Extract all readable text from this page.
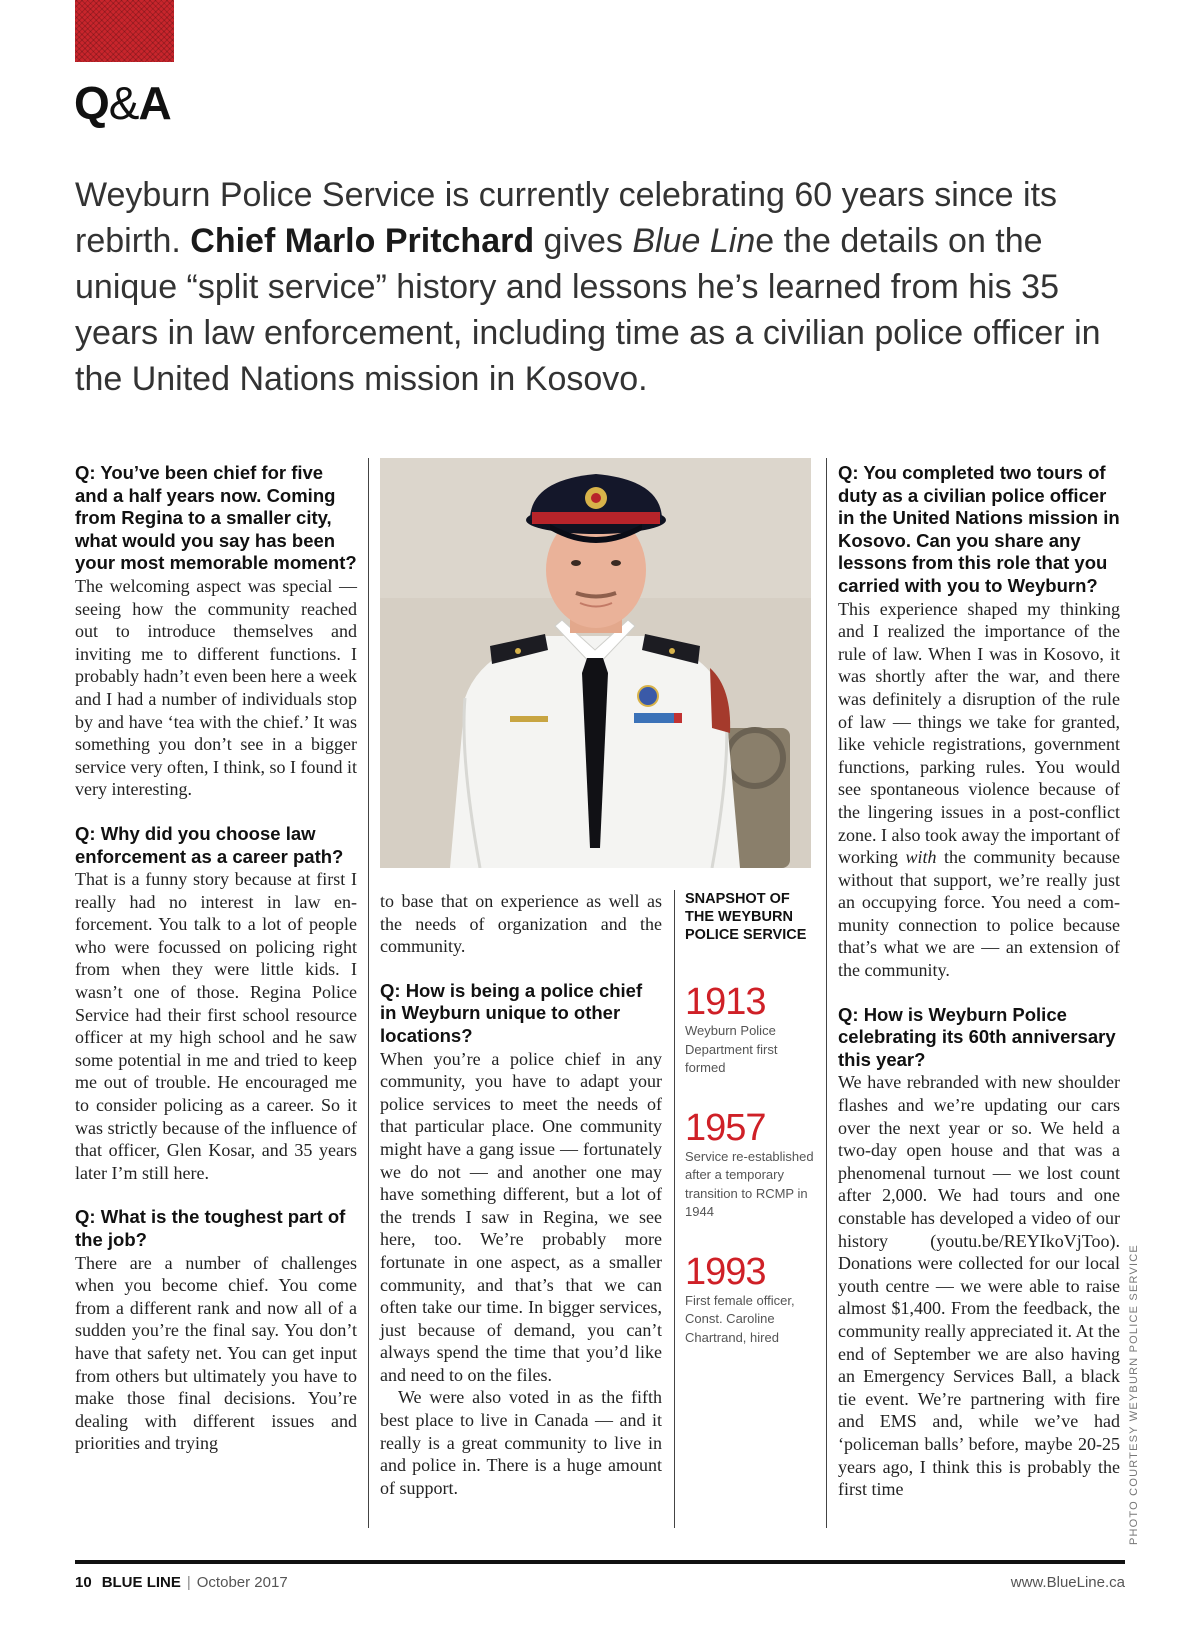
Q&A
Weyburn Police Service is currently celebrating 60 years since its rebirth. Chief Marlo Pritchard gives Blue Line the details on the unique “split service” history and lessons he’s learned from his 35 years in law enforcement, including time as a civilian police officer in the United Nations mission in Kosovo.

Q: You’ve been chief for five and a half years now. Coming from Regina to a smaller city, what would you say has been your most memorable moment?

The welcoming aspect was special — seeing how the community reached out to introduce themselves and inviting me to different functions. I probably hadn’t even been here a week and I had a number of individuals stop by and have ‘tea with the chief.’ It was something you don’t see in a bigger service very often, I think, so I found it very interesting.

Q: Why did you choose law enforcement as a career path?

That is a funny story because at first I really had no interest in law enforcement. You talk to a lot of people who were focussed on policing right from when they were little kids. I wasn’t one of those. Regina Police Service had their first school resource officer at my high school and he saw some potential in me and tried to keep me out of trouble. He encouraged me to consider policing as a career. So it was strictly because of the influence of that officer, Glen Kosar, and 35 years later I’m still here.

Q: What is the toughest part of the job?

There are a number of challenges when you become chief. You come from a different rank and now all of a sudden you’re the final say. You don’t have that safety net. You can get input from others but ultimately you have to make those final decisions. You’re dealing with different issues and priorities and trying

to base that on experience as well as the needs of organization and the community.

Q: How is being a police chief in Weyburn unique to other locations?

When you’re a police chief in any community, you have to adapt your police services to meet the needs of that particular place. One community might have a gang issue — fortunately we do not — and another one may have something different, but a lot of the trends I saw in Regina, we see here, too. We’re probably more fortunate in one aspect, as a smaller community, and that’s that we can often take our time. In bigger services, just because of demand, you can’t always spend the time that you’d like and need to on the files.

We were also voted in as the fifth best place to live in Canada — and it really is a great community to live in and police in. There is a huge amount of support.

SNAPSHOT OF THE WEYBURN POLICE SERVICE
1913
Weyburn Police Department first formed
1957
Service re-established after a temporary transition to RCMP in 1944
1993
First female officer, Const. Caroline Chartrand, hired

Q: You completed two tours of duty as a civilian police officer in the United Nations mission in Kosovo. Can you share any lessons from this role that you carried with you to Weyburn?

This experience shaped my thinking and I realized the importance of the rule of law. When I was in Kosovo, it was shortly after the war, and there was definitely a disruption of the rule of law — things we take for granted, like vehicle registrations, government functions, parking rules. You would see spontaneous violence because of the lingering issues in a post-conflict zone. I also took away the important of working with the community because without that support, we’re really just an occupying force. You need a community connection to police because that’s what we are — an extension of the community.

Q: How is Weyburn Police celebrating its 60th anniversary this year?

We have rebranded with new shoulder flashes and we’re updating our cars over the next year or so. We held a two-day open house and that was a phenomenal turnout — we lost count after 2,000. We had tours and one constable has developed a video of our history (youtu.be/REYIkoVjToo). Donations were collected for our local youth centre — we were able to raise almost $1,400. From the feedback, the community really appreciated it. At the end of September we are also having an Emergency Services Ball, a black tie event. We’re partnering with fire and EMS and, while we’ve had ‘policeman balls’ before, maybe 20-25 years ago, I think this is probably the first time	PHOTO COURTESY WEYBURN POLICE SERVICE
10 BLUE LINE | October 2017	www.BlueLine.ca
